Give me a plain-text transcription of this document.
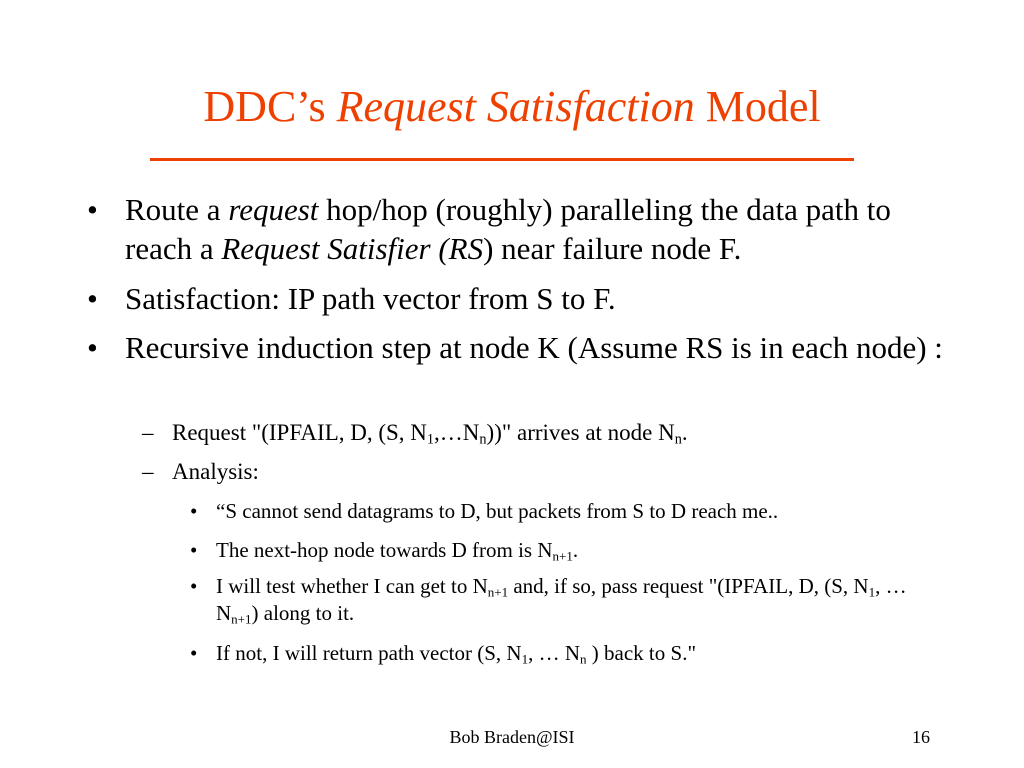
DDC’s Request Satisfaction Model
• Route a request hop/hop (roughly) paralleling the data path to reach a Request Satisfier (RS) near failure node F.
• Satisfaction: IP path vector from S to F.
• Recursive induction step at node K (Assume RS is in each node) :
– Request "(IPFAIL, D, (S, $N_1,\dots N_n$))" arrives at node $N_n$.
– Analysis:
• “S cannot send datagrams to D, but packets from S to D reach me..
• The next-hop node towards D from is $N_{n+1}$.
• I will test whether I can get to $N_{n+1}$ and, if so, pass request "(IPFAIL, D, (S, $N_1$, … $N_{n+1}$) along to it.
• If not, I will return path vector (S, $N_1$, … $N_n$ ) back to S."
Bob Braden@ISI	16
